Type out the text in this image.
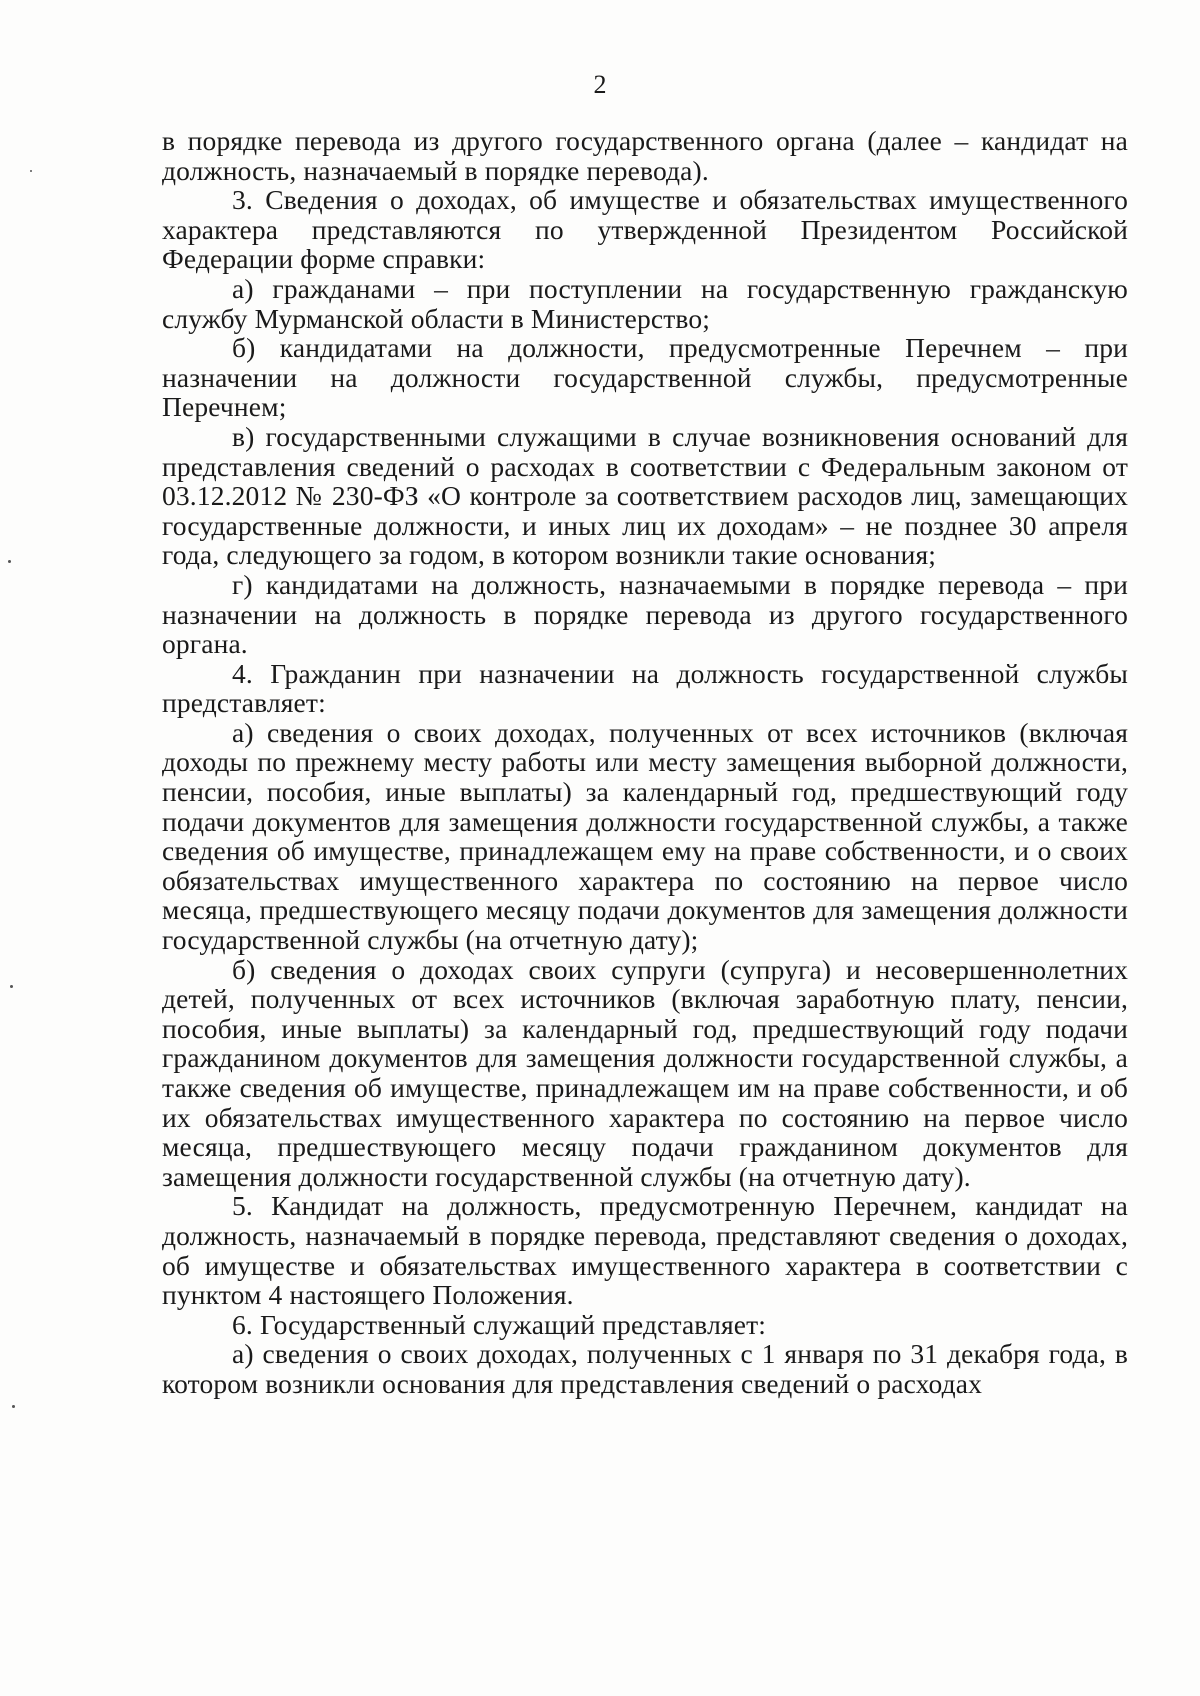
2

в порядке перевода из другого государственного органа (далее – кандидат на должность, назначаемый в порядке перевода).

3. Сведения о доходах, об имуществе и обязательствах имущественного характера представляются по утвержденной Президентом Российской Федерации форме справки:

а) гражданами – при поступлении на государственную гражданскую службу Мурманской области в Министерство;

б) кандидатами на должности, предусмотренные Перечнем – при назначении на должности государственной службы, предусмотренные Перечнем;

в) государственными служащими в случае возникновения оснований для представления сведений о расходах в соответствии с Федеральным законом от 03.12.2012 № 230-ФЗ «О контроле за соответствием расходов лиц, замещающих государственные должности, и иных лиц их доходам» – не позднее 30 апреля года, следующего за годом, в котором возникли такие основания;

г) кандидатами на должность, назначаемыми в порядке перевода – при назначении на должность в порядке перевода из другого государственного органа.

4. Гражданин при назначении на должность государственной службы представляет:

а) сведения о своих доходах, полученных от всех источников (включая доходы по прежнему месту работы или месту замещения выборной должности, пенсии, пособия, иные выплаты) за календарный год, предшествующий году подачи документов для замещения должности государственной службы, а также сведения об имуществе, принадлежащем ему на праве собственности, и о своих обязательствах имущественного характера по состоянию на первое число месяца, предшествующего месяцу подачи документов для замещения должности государственной службы (на отчетную дату);

б) сведения о доходах своих супруги (супруга) и несовершеннолетних детей, полученных от всех источников (включая заработную плату, пенсии, пособия, иные выплаты) за календарный год, предшествующий году подачи гражданином документов для замещения должности государственной службы, а также сведения об имуществе, принадлежащем им на праве собственности, и об их обязательствах имущественного характера по состоянию на первое число месяца, предшествующего месяцу подачи гражданином документов для замещения должности государственной службы (на отчетную дату).

5. Кандидат на должность, предусмотренную Перечнем, кандидат на должность, назначаемый в порядке перевода, представляют сведения о доходах, об имуществе и обязательствах имущественного характера в соответствии с пунктом 4 настоящего Положения.

6. Государственный служащий представляет:

а) сведения о своих доходах, полученных с 1 января по 31 декабря года, в котором возникли основания для представления сведений о расходах
